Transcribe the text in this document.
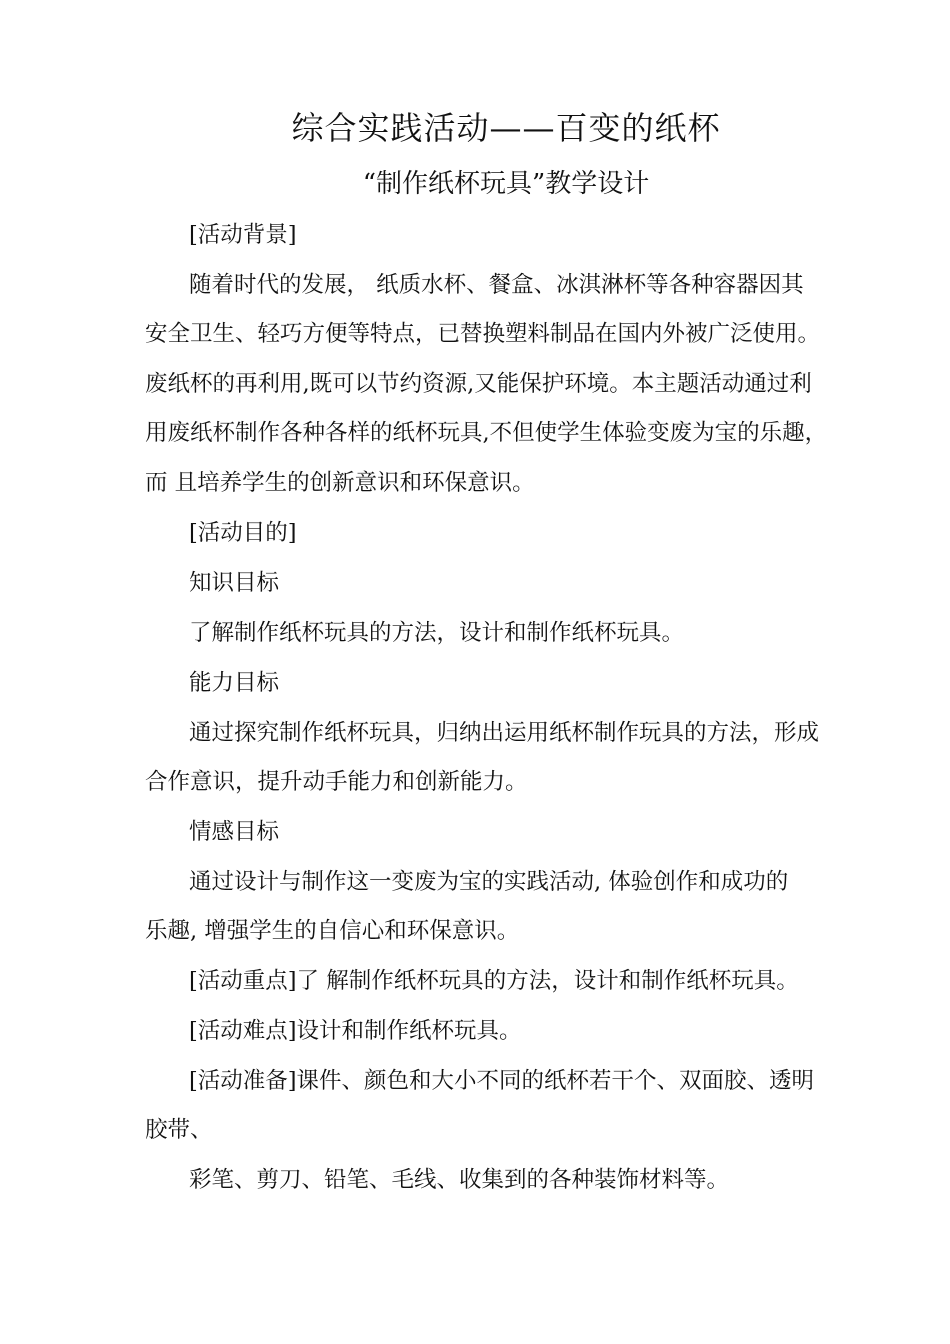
综合实践活动——百变的纸杯
“制作纸杯玩具”教学设计
[活动背景]
随着时代的发展， 纸质水杯、餐盒、冰淇淋杯等各种容器因其
安全卫生、轻巧方便等特点，已替换塑料制品在国内外被广泛使用。
废纸杯的再利用,既可以节约资源,又能保护环境。本主题活动通过利
用废纸杯制作各种各样的纸杯玩具,不但使学生体验变废为宝的乐趣，
而 且培养学生的创新意识和环保意识。
[活动目的]
知识目标
了解制作纸杯玩具的方法，设计和制作纸杯玩具。
能力目标
通过探究制作纸杯玩具，归纳出运用纸杯制作玩具的方法，形成
合作意识，提升动手能力和创新能力。
情感目标
通过设计与制作这一变废为宝的实践活动, 体验创作和成功的
乐趣, 增强学生的自信心和环保意识。
[活动重点]了 解制作纸杯玩具的方法，设计和制作纸杯玩具。
[活动难点]设计和制作纸杯玩具。
[活动准备]课件、颜色和大小不同的纸杯若干个、双面胶、透明
胶带、
彩笔、剪刀、铅笔、毛线、收集到的各种装饰材料等。
